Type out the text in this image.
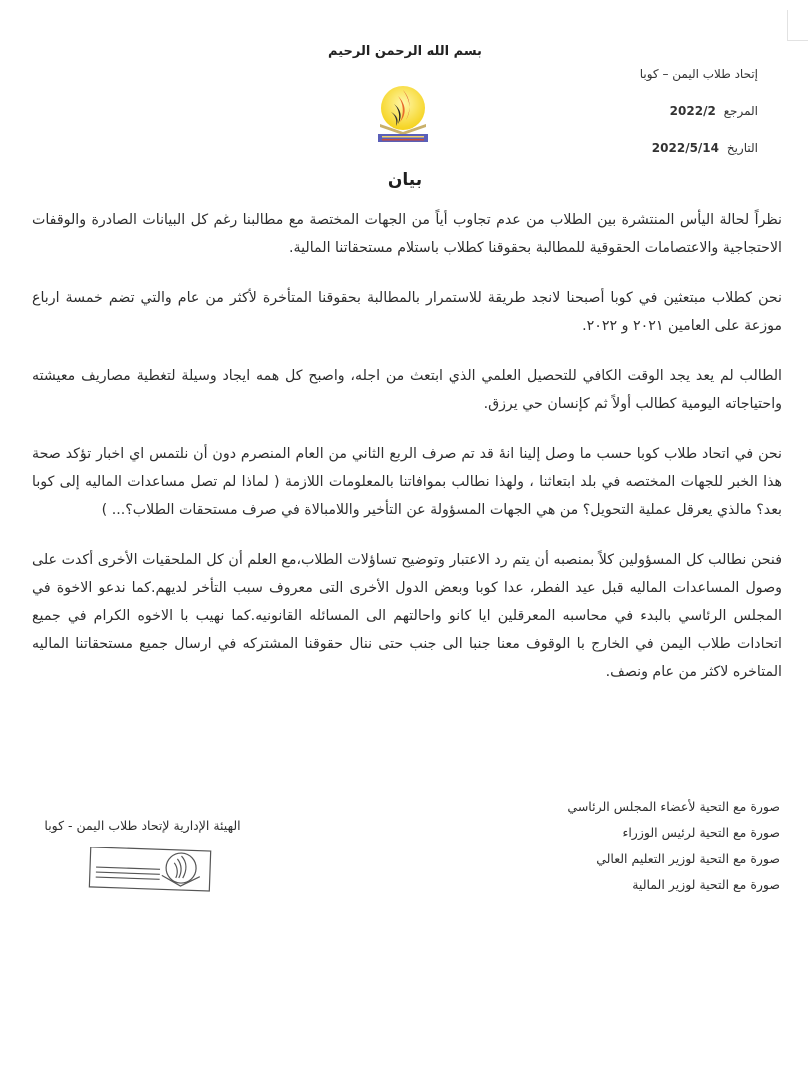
بسم الله الرحمن الرحيم
إتحاد طلاب اليمن – كوبا
المرجع 2022/2
التاريخ 2022/5/14
بيان

نظراً لحالة اليأس المنتشرة بين الطلاب من عدم تجاوب أياً من الجهات المختصة مع مطالبنا رغم كل البيانات الصادرة والوقفات الاحتجاجية والاعتصامات الحقوقية للمطالبة بحقوقنا كطلاب باستلام مستحقاتنا المالية.

نحن كطلاب مبتعثين في كوبا أصبحنا لانجد طريقة للاستمرار بالمطالبة بحقوقنا المتأخرة لأكثر من عام والتي تضم خمسة ارباع موزعة على العامين ٢٠٢١ و ٢٠٢٢.

الطالب لم يعد يجد الوقت الكافي للتحصيل العلمي الذي ابتعث من اجله، واصبح كل همه ايجاد وسيلة لتغطية مصاريف معيشته واحتياجاته اليومية كطالب أولاً ثم كإنسان حي يرزق.

نحن في اتحاد طلاب كوبا حسب ما وصل إلينا انهٔ قد تم صرف الربع الثاني من العام المنصرم دون أن نلتمس اي اخبار تؤكد صحة هذا الخبر للجهات المختصه في بلد ابتعاثنا ، ولهذا نطالب بموافاتنا بالمعلومات اللازمة ( لماذا لم تصل مساعدات الماليه إلى كوبا بعد؟ مالذي يعرقل عملية التحويل؟ من هي الجهات المسؤولة عن التأخير واللامبالاة في صرف مستحقات الطلاب؟... )

فنحن نطالب كل المسؤولين كلاً بمنصبه أن يتم رد الاعتبار وتوضيح تساؤلات الطلاب،مع العلم أن كل الملحقيات الأخرى أكدت على وصول المساعدات الماليه قبل عيد الفطر، عدا كوبا وبعض الدول الأخرى التى معروف سبب التأخر لديهم.كما ندعو الاخوة في المجلس الرئاسي بالبدء في محاسبه المعرقلين ايا كانو واحالتهم الى المسائله القانونيه.كما نهيب با الاخوه الكرام في جميع اتحادات طلاب اليمن في الخارج با الوقوف معنا جنبا الى جنب حتى ننال حقوقنا المشتركه في ارسال جميع مستحقاتنا الماليه المتاخره لاكثر من عام ونصف.

صورة مع التحية لأعضاء المجلس الرئاسي
صورة مع التحية لرئيس الوزراء
صورة مع التحية لوزير التعليم العالي
صورة مع التحية لوزير المالية
الهيئة الإدارية لإتحاد طلاب اليمن - كوبا
